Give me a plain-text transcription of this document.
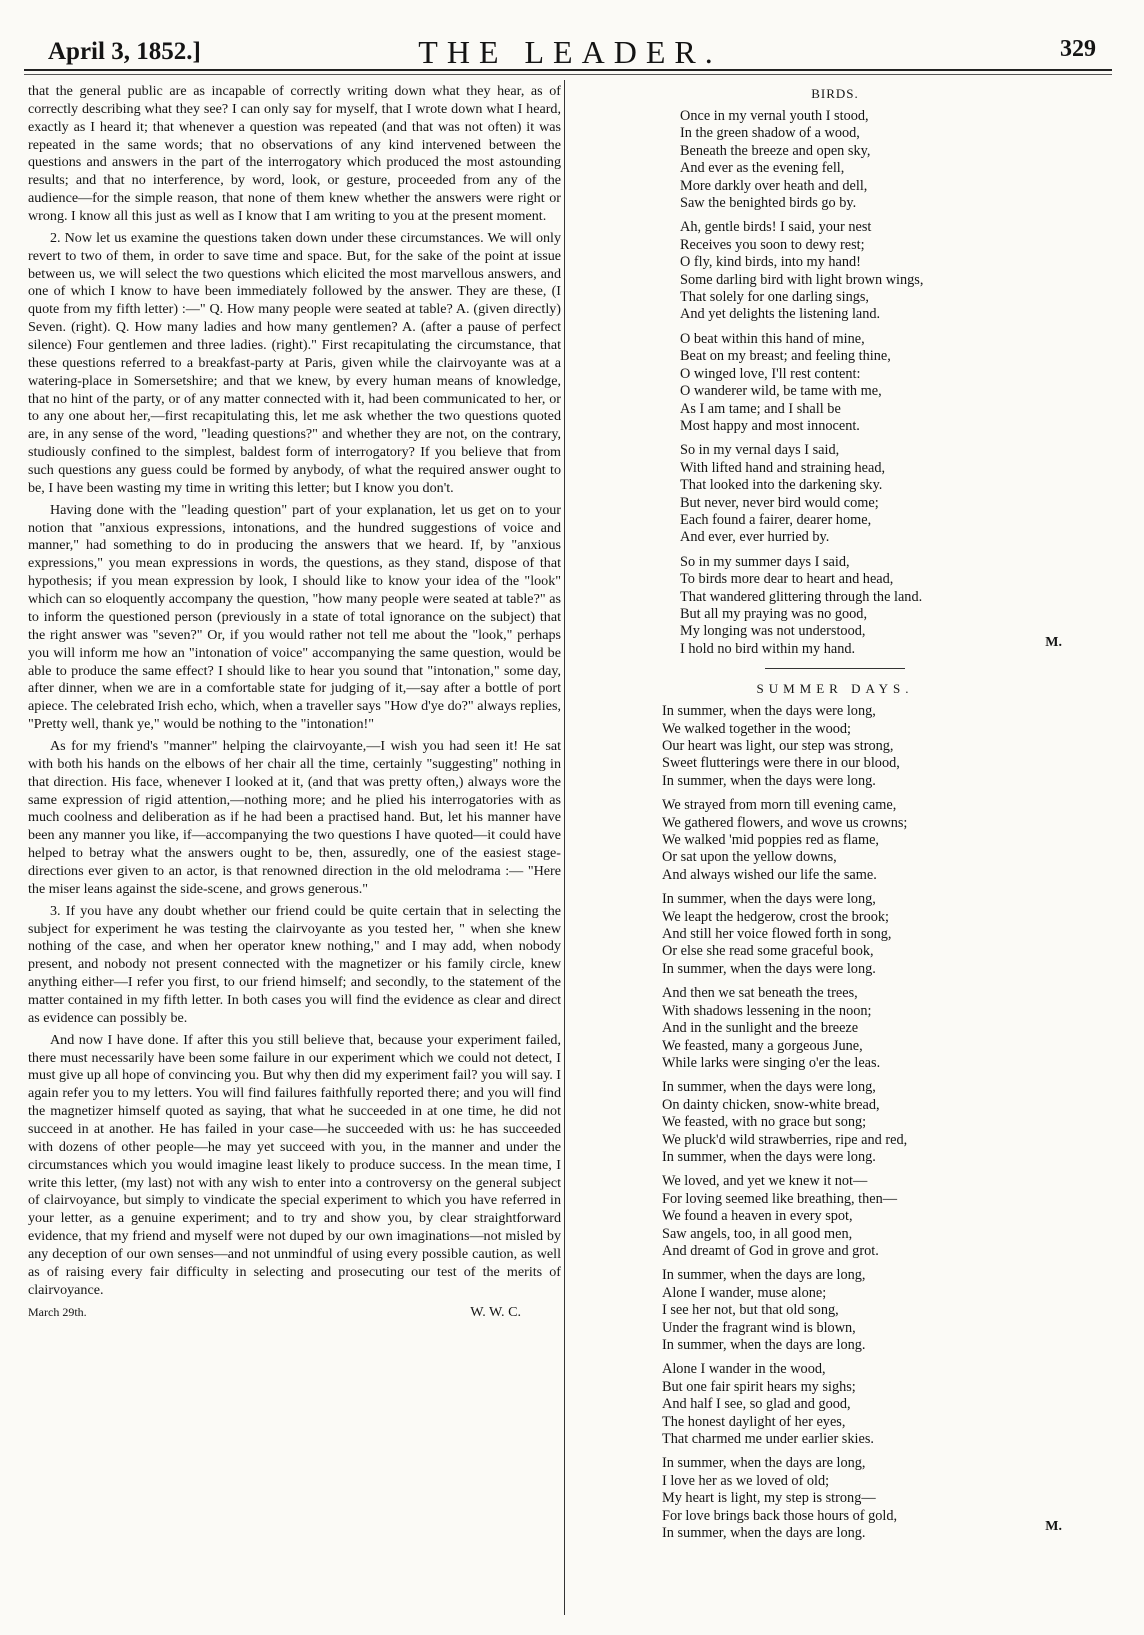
April 3, 1852.]	THE LEADER.	329

that the general public are as incapable of correctly writing down what they hear, as of correctly describing what they see? I can only say for myself, that I wrote down what I heard, exactly as I heard it; that whenever a question was repeated (and that was not often) it was repeated in the same words; that no observations of any kind intervened between the questions and answers in the part of the interrogatory which produced the most astounding results; and that no interference, by word, look, or gesture, proceeded from any of the audience—for the simple reason, that none of them knew whether the answers were right or wrong. I know all this just as well as I know that I am writing to you at the present moment.

2. Now let us examine the questions taken down under these circumstances. We will only revert to two of them, in order to save time and space. But, for the sake of the point at issue between us, we will select the two questions which elicited the most marvellous answers, and one of which I know to have been immediately followed by the answer. They are these, (I quote from my fifth letter) :—" Q. How many people were seated at table? A. (given directly) Seven. (right). Q. How many ladies and how many gentlemen? A. (after a pause of perfect silence) Four gentlemen and three ladies. (right)." First recapitulating the circumstance, that these questions referred to a breakfast-party at Paris, given while the clairvoyante was at a watering-place in Somersetshire; and that we knew, by every human means of knowledge, that no hint of the party, or of any matter connected with it, had been communicated to her, or to any one about her,—first recapitulating this, let me ask whether the two questions quoted are, in any sense of the word, "leading questions?" and whether they are not, on the contrary, studiously confined to the simplest, baldest form of interrogatory? If you believe that from such questions any guess could be formed by anybody, of what the required answer ought to be, I have been wasting my time in writing this letter; but I know you don't.

Having done with the "leading question" part of your explanation, let us get on to your notion that "anxious expressions, intonations, and the hundred suggestions of voice and manner," had something to do in producing the answers that we heard. If, by "anxious expressions," you mean expressions in words, the questions, as they stand, dispose of that hypothesis; if you mean expression by look, I should like to know your idea of the "look" which can so eloquently accompany the question, "how many people were seated at table?" as to inform the questioned person (previously in a state of total ignorance on the subject) that the right answer was "seven?" Or, if you would rather not tell me about the "look," perhaps you will inform me how an "intonation of voice" accompanying the same question, would be able to produce the same effect? I should like to hear you sound that "intonation," some day, after dinner, when we are in a comfortable state for judging of it,—say after a bottle of port apiece. The celebrated Irish echo, which, when a traveller says "How d'ye do?" always replies, "Pretty well, thank ye," would be nothing to the "intonation!"

As for my friend's "manner" helping the clairvoyante,—I wish you had seen it! He sat with both his hands on the elbows of her chair all the time, certainly "suggesting" nothing in that direction. His face, whenever I looked at it, (and that was pretty often,) always wore the same expression of rigid attention,—nothing more; and he plied his interrogatories with as much coolness and deliberation as if he had been a practised hand. But, let his manner have been any manner you like, if—accompanying the two questions I have quoted—it could have helped to betray what the answers ought to be, then, assuredly, one of the easiest stage-directions ever given to an actor, is that renowned direction in the old melodrama :— "Here the miser leans against the side-scene, and grows generous."

3. If you have any doubt whether our friend could be quite certain that in selecting the subject for experiment he was testing the clairvoyante as you tested her, " when she knew nothing of the case, and when her operator knew nothing," and I may add, when nobody present, and nobody not present connected with the magnetizer or his family circle, knew anything either—I refer you first, to our friend himself; and secondly, to the statement of the matter contained in my fifth letter. In both cases you will find the evidence as clear and direct as evidence can possibly be.

And now I have done. If after this you still believe that, because your experiment failed, there must necessarily have been some failure in our experiment which we could not detect, I must give up all hope of convincing you. But why then did my experiment fail? you will say. I again refer you to my letters. You will find failures faithfully reported there; and you will find the magnetizer himself quoted as saying, that what he succeeded in at one time, he did not succeed in at another. He has failed in your case—he succeeded with us: he has succeeded with dozens of other people—he may yet succeed with you, in the manner and under the circumstances which you would imagine least likely to produce success. In the mean time, I write this letter, (my last) not with any wish to enter into a controversy on the general subject of clairvoyance, but simply to vindicate the special experiment to which you have referred in your letter, as a genuine experiment; and to try and show you, by clear straightforward evidence, that my friend and myself were not duped by our own imaginations—not misled by any deception of our own senses—and not unmindful of using every possible caution, as well as of raising every fair difficulty in selecting and prosecuting our test of the merits of clairvoyance.

March 29th.	W. W. C.

BIRDS.
Once in my vernal youth I stood,
In the green shadow of a wood,
Beneath the breeze and open sky,
And ever as the evening fell,
More darkly over heath and dell,
Saw the benighted birds go by.
Ah, gentle birds! I said, your nest
Receives you soon to dewy rest;
O fly, kind birds, into my hand!
Some darling bird with light brown wings,
That solely for one darling sings,
And yet delights the listening land.
O beat within this hand of mine,
Beat on my breast; and feeling thine,
O winged love, I'll rest content:
O wanderer wild, be tame with me,
As I am tame; and I shall be
Most happy and most innocent.
So in my vernal days I said,
With lifted hand and straining head,
That looked into the darkening sky.
But never, never bird would come;
Each found a fairer, dearer home,
And ever, ever hurried by.
So in my summer days I said,
To birds more dear to heart and head,
That wandered glittering through the land.
But all my praying was no good,
My longing was not understood,
I hold no bird within my hand.	M.
SUMMER DAYS.
In summer, when the days were long,
We walked together in the wood;
Our heart was light, our step was strong,
Sweet flutterings were there in our blood,
In summer, when the days were long.
We strayed from morn till evening came,
We gathered flowers, and wove us crowns;
We walked 'mid poppies red as flame,
Or sat upon the yellow downs,
And always wished our life the same.
In summer, when the days were long,
We leapt the hedgerow, crost the brook;
And still her voice flowed forth in song,
Or else she read some graceful book,
In summer, when the days were long.
And then we sat beneath the trees,
With shadows lessening in the noon;
And in the sunlight and the breeze
We feasted, many a gorgeous June,
While larks were singing o'er the leas.
In summer, when the days were long,
On dainty chicken, snow-white bread,
We feasted, with no grace but song;
We pluck'd wild strawberries, ripe and red,
In summer, when the days were long.
We loved, and yet we knew it not—
For loving seemed like breathing, then—
We found a heaven in every spot,
Saw angels, too, in all good men,
And dreamt of God in grove and grot.
In summer, when the days are long,
Alone I wander, muse alone;
I see her not, but that old song,
Under the fragrant wind is blown,
In summer, when the days are long.
Alone I wander in the wood,
But one fair spirit hears my sighs;
And half I see, so glad and good,
The honest daylight of her eyes,
That charmed me under earlier skies.
In summer, when the days are long,
I love her as we loved of old;
My heart is light, my step is strong—
For love brings back those hours of gold,
In summer, when the days are long.	M.
